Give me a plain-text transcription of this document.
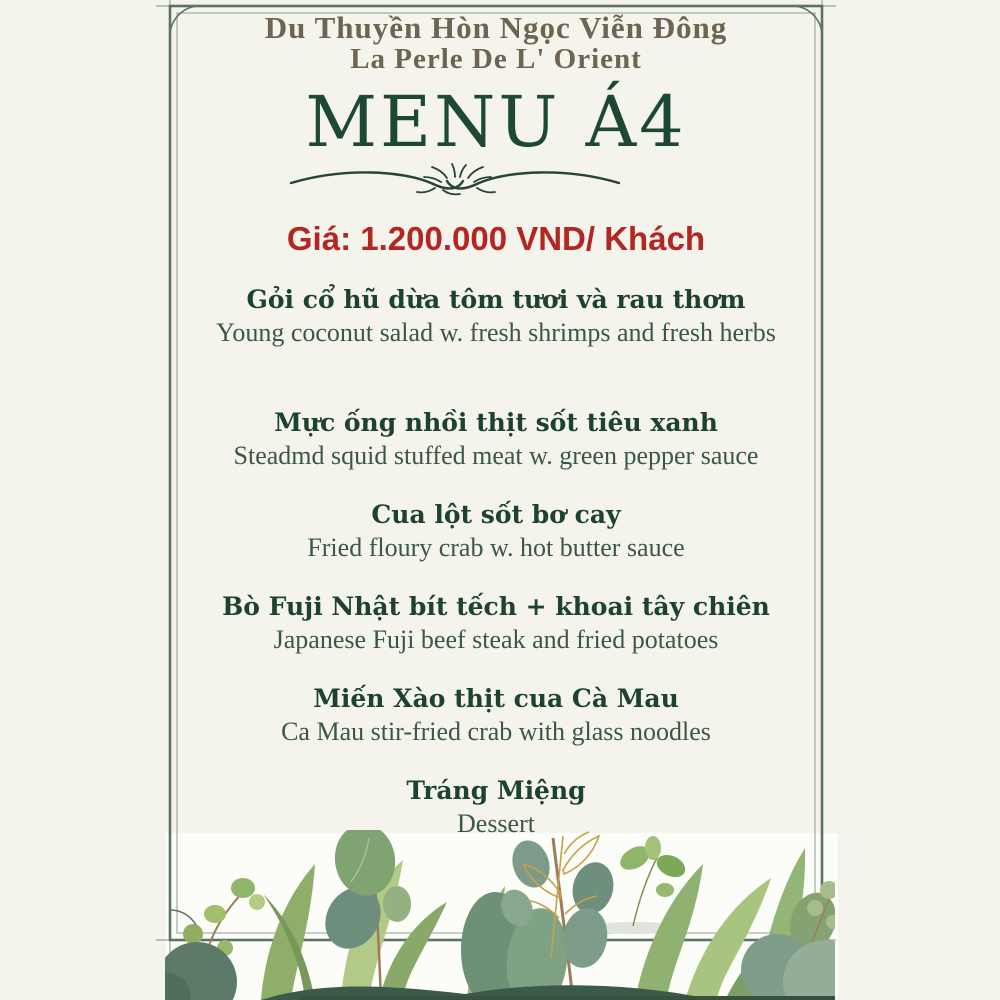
Du Thuyền Hòn Ngọc Viễn Đông
La Perle De L' Orient
MENU Á4
Giá: 1.200.000 VND/ Khách
Gỏi cổ hũ dừa tôm tươi và rau thơm
Young coconut salad w. fresh shrimps and fresh herbs
Mực ống nhồi thịt sốt tiêu xanh
Steadmd squid stuffed meat w. green pepper sauce
Cua lột sốt bơ cay
Fried floury crab w. hot butter sauce
Bò Fuji Nhật bít tếch + khoai tây chiên
Japanese Fuji beef steak and fried potatoes
Miến Xào thịt cua Cà Mau
Ca Mau stir-fried crab with glass noodles
Tráng Miệng
Dessert
